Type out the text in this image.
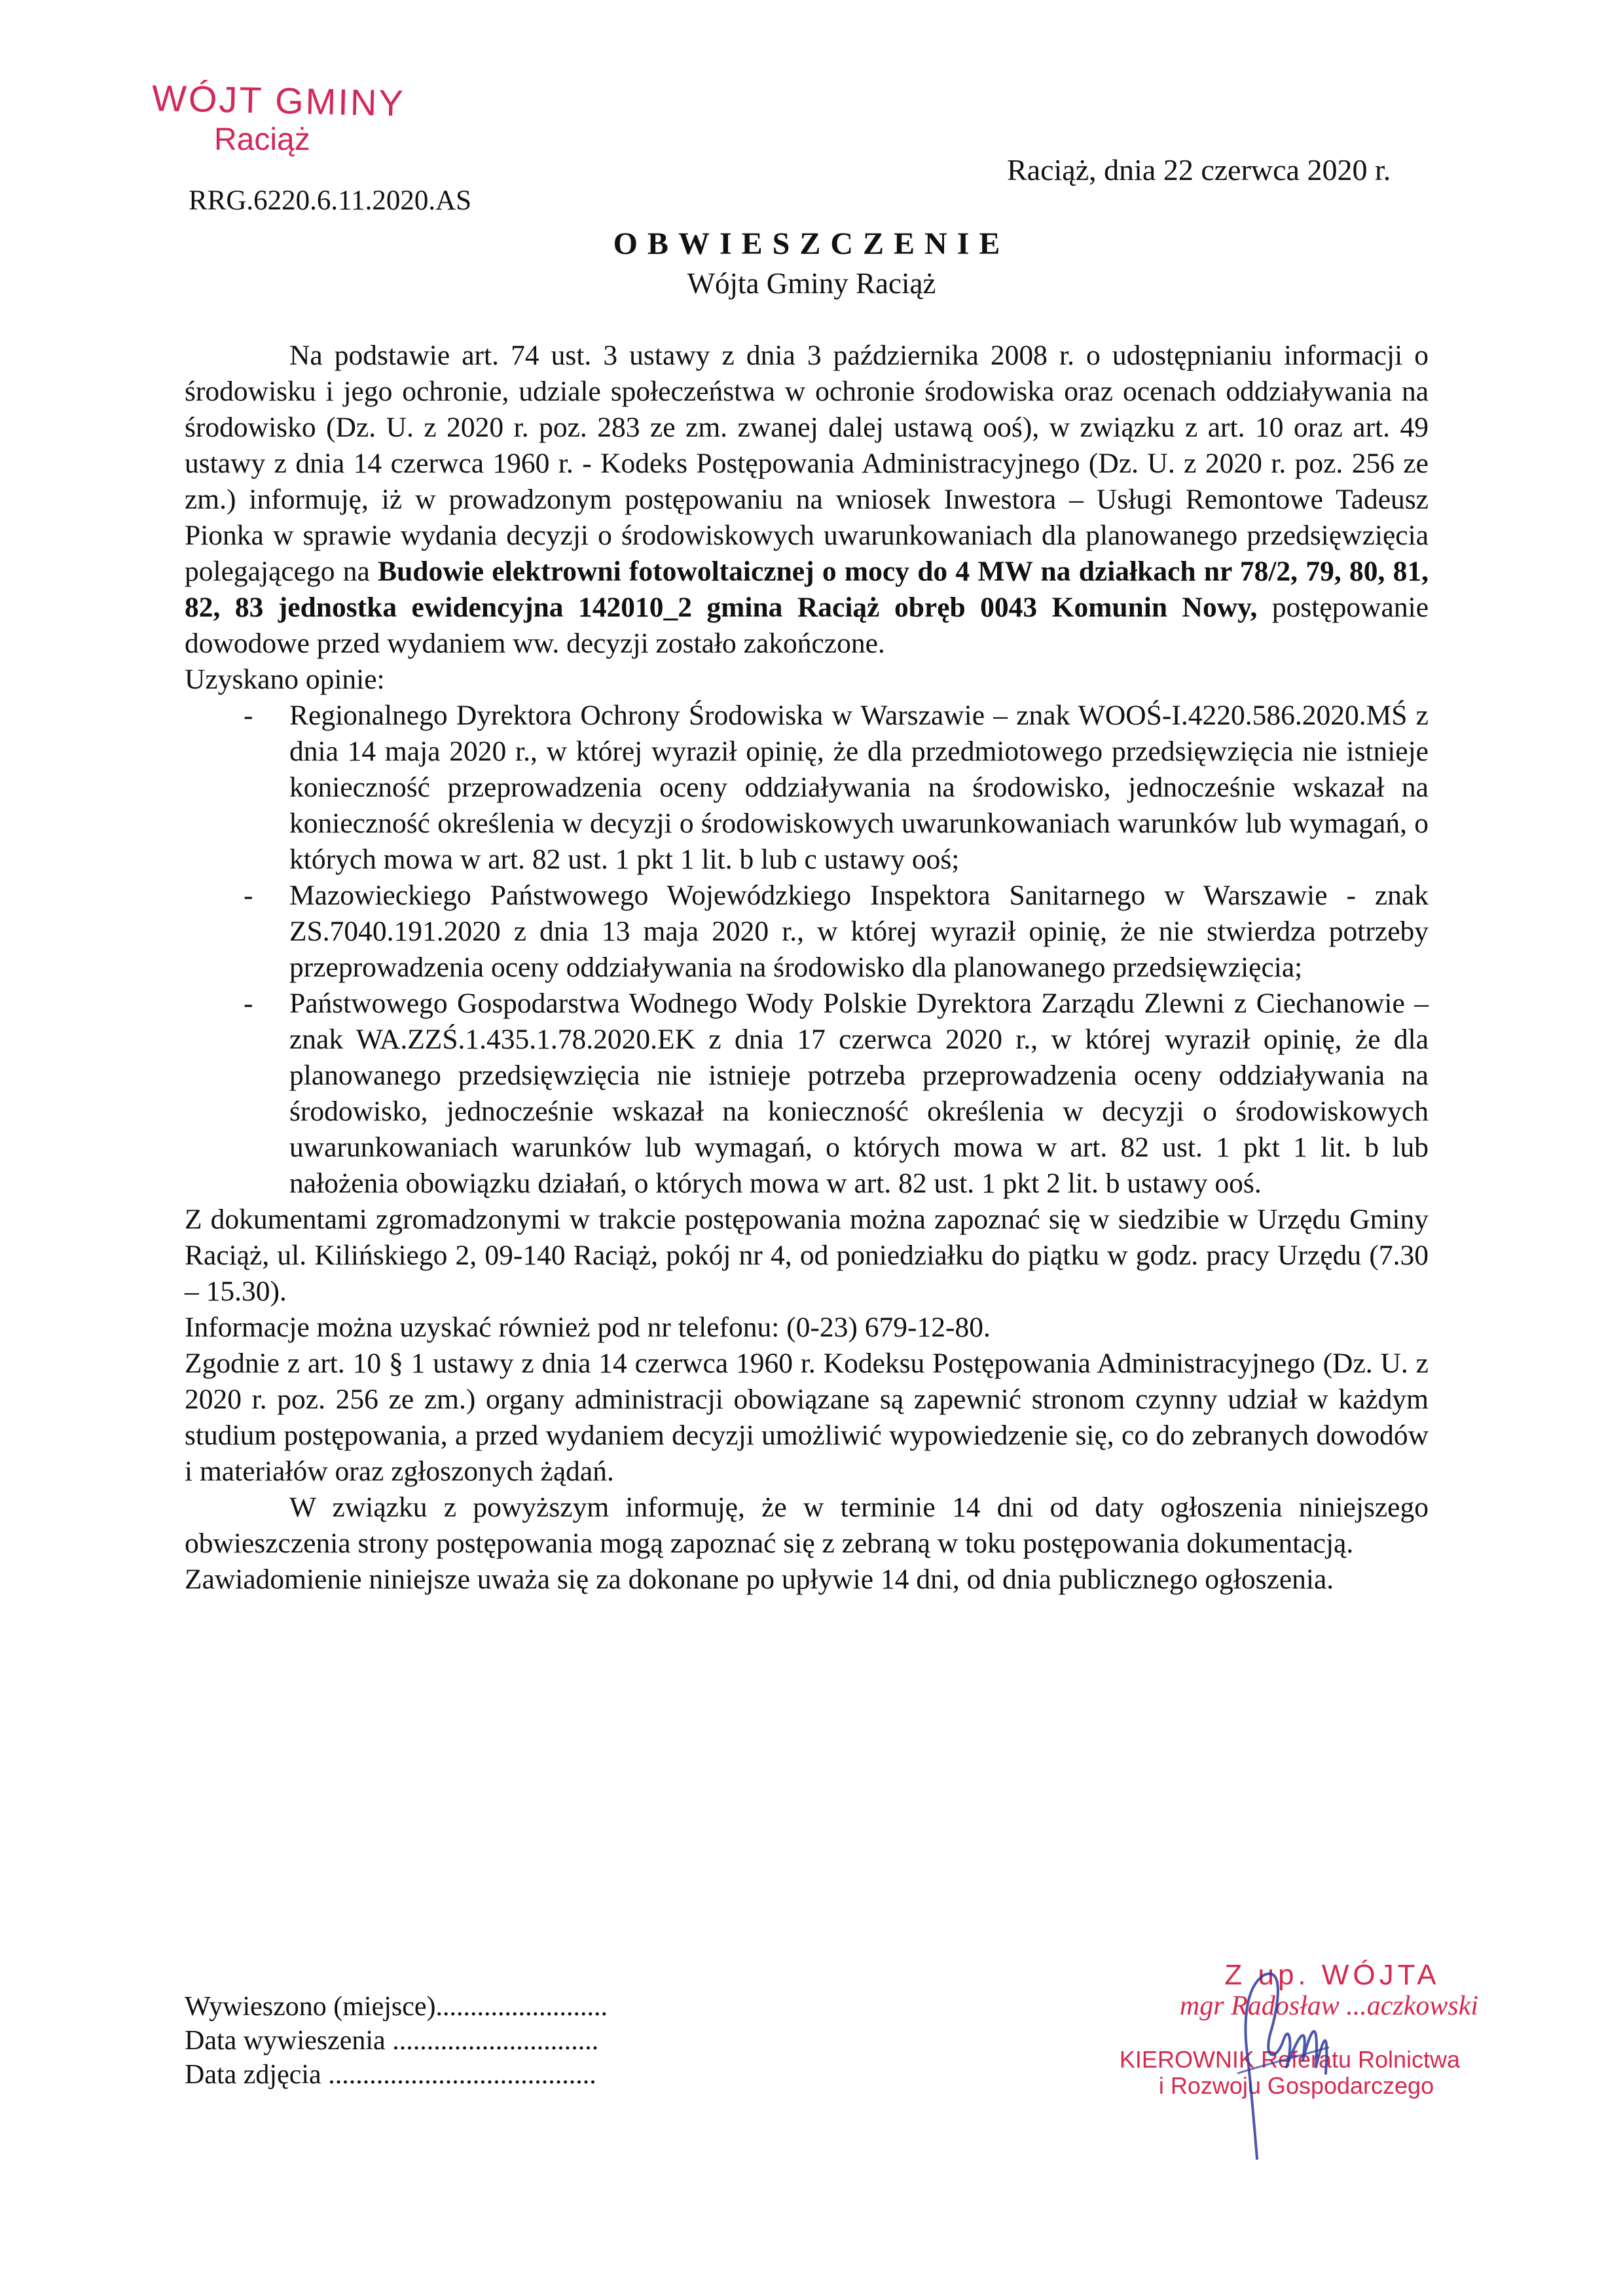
WÓJT GMINY
Raciąż
RRG.6220.6.11.2020.AS
Raciąż, dnia 22 czerwca 2020 r.
OBWIESZCZENIE
Wójta Gminy Raciąż

Na podstawie art. 74 ust. 3 ustawy z dnia 3 października 2008 r. o udostępnianiu informacji o środowisku i jego ochronie, udziale społeczeństwa w ochronie środowiska oraz ocenach oddziaływania na środowisko (Dz. U. z 2020 r. poz. 283 ze zm. zwanej dalej ustawą ooś), w związku z art. 10 oraz art. 49 ustawy z dnia 14 czerwca 1960 r. - Kodeks Postępowania Administracyjnego (Dz. U. z 2020 r. poz. 256 ze zm.) informuję, iż w prowadzonym postępowaniu na wniosek Inwestora – Usługi Remontowe Tadeusz Pionka w sprawie wydania decyzji o środowiskowych uwarunkowaniach dla planowanego przedsięwzięcia polegającego na Budowie elektrowni fotowoltaicznej o mocy do 4 MW na działkach nr 78/2, 79, 80, 81, 82, 83 jednostka ewidencyjna 142010_2 gmina Raciąż obręb 0043 Komunin Nowy, postępowanie dowodowe przed wydaniem ww. decyzji zostało zakończone.

Uzyskano opinie:

- Regionalnego Dyrektora Ochrony Środowiska w Warszawie – znak WOOŚ-I.4220.586.2020.MŚ z dnia 14 maja 2020 r., w której wyraził opinię, że dla przedmiotowego przedsięwzięcia nie istnieje konieczność przeprowadzenia oceny oddziaływania na środowisko, jednocześnie wskazał na konieczność określenia w decyzji o środowiskowych uwarunkowaniach warunków lub wymagań, o których mowa w art. 82 ust. 1 pkt 1 lit. b lub c ustawy ooś;
- Mazowieckiego Państwowego Wojewódzkiego Inspektora Sanitarnego w Warszawie - znak ZS.7040.191.2020 z dnia 13 maja 2020 r., w której wyraził opinię, że nie stwierdza potrzeby przeprowadzenia oceny oddziaływania na środowisko dla planowanego przedsięwzięcia;
- Państwowego Gospodarstwa Wodnego Wody Polskie Dyrektora Zarządu Zlewni z Ciechanowie – znak WA.ZZŚ.1.435.1.78.2020.EK z dnia 17 czerwca 2020 r., w której wyraził opinię, że dla planowanego przedsięwzięcia nie istnieje potrzeba przeprowadzenia oceny oddziaływania na środowisko, jednocześnie wskazał na konieczność określenia w decyzji o środowiskowych uwarunkowaniach warunków lub wymagań, o których mowa w art. 82 ust. 1 pkt 1 lit. b lub nałożenia obowiązku działań, o których mowa w art. 82 ust. 1 pkt 2 lit. b ustawy ooś.

Z dokumentami zgromadzonymi w trakcie postępowania można zapoznać się w siedzibie w Urzędu Gminy Raciąż, ul. Kilińskiego 2, 09-140 Raciąż, pokój nr 4, od poniedziałku do piątku w godz. pracy Urzędu (7.30 – 15.30).

Informacje można uzyskać również pod nr telefonu: (0-23) 679-12-80.

Zgodnie z art. 10 § 1 ustawy z dnia 14 czerwca 1960 r. Kodeksu Postępowania Administracyjnego (Dz. U. z 2020 r. poz. 256 ze zm.) organy administracji obowiązane są zapewnić stronom czynny udział w każdym studium postępowania, a przed wydaniem decyzji umożliwić wypowiedzenie się, co do zebranych dowodów i materiałów oraz zgłoszonych żądań.

W związku z powyższym informuję, że w terminie 14 dni od daty ogłoszenia niniejszego obwieszczenia strony postępowania mogą zapoznać się z zebraną w toku postępowania dokumentacją.

Zawiadomienie niniejsze uważa się za dokonane po upływie 14 dni, od dnia publicznego ogłoszenia.

Wywieszono (miejsce).........................
Data wywieszenia ..............................
Data zdjęcia .......................................
Z up. WÓJTA
mgr Radosław ...aczkowski
KIEROWNIK Referatu Rolnictwa
i Rozwoju Gospodarczego
